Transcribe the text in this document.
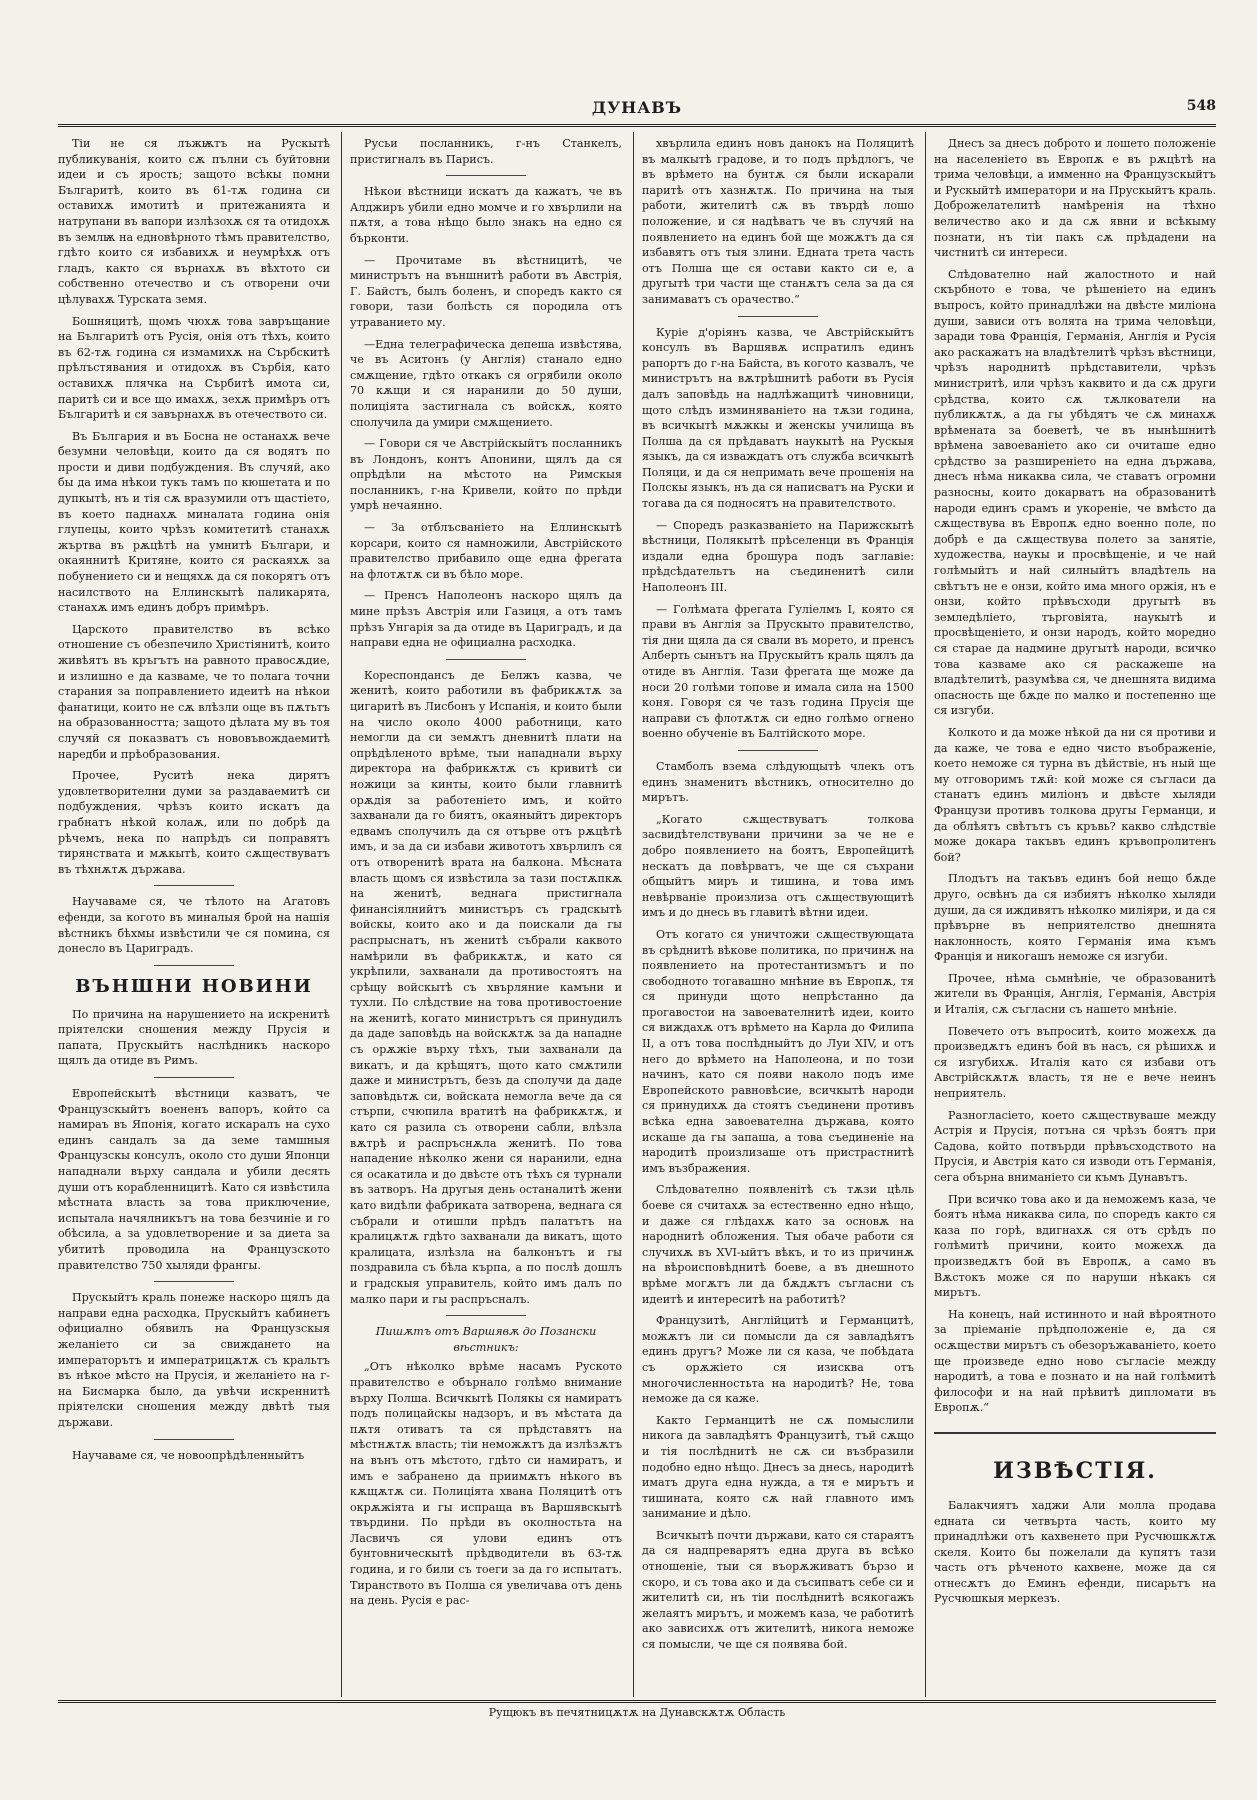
ДУНАВЪ	548

Тiи не ся лъжѭтъ на Рускытѣ публикуванiя, които сѫ пълни съ буйтовни идеи и съ ярость; защото всѣкы помни Българитѣ, които въ 61-тѫ година си оставихѫ имотитѣ и притежанията и натрупани въ вапори излѣзохѫ ся та отидохѫ въ землѭ на едновѣрното тѣмъ правителство, гдѣто които ся избавихѫ и неумрѣхѫ отъ гладъ, както ся върнахѫ въ вѣхтото си собственно отечество и съ отворени очи цѣлувахѫ Турската земя.

Бошняцитѣ, щомъ чюхѫ това завръщание на Българитѣ отъ Русiя, онiя отъ тѣхъ, които въ 62-тѫ година ся измамихѫ на Сърбскитѣ прѣлъстявания и отидохѫ въ Сърбiя, като оставихѫ плячка на Сърбитѣ имота си, паритѣ си и все що имахѫ, зехѫ примѣръ отъ Българитѣ и ся завърнахѫ въ отечеството си.

Въ България и въ Босна не останахѫ вече безумни человѣци, които да ся водятъ по прости и диви подбуждения. Въ случяй, ако бы да има нѣкои тукъ тамъ по кюшетата и по дупкытѣ, нъ и тiя сѫ вразумили отъ щастiето, въ което паднахѫ миналата година онiя глупецы, които чрѣзъ комитетитѣ станахѫ жъртва въ рѫцѣтѣ на умнитѣ Българи, и окаяннитѣ Критяне, които ся раскаяхѫ за побунението си и нещяхѫ да ся покорятъ отъ насилството на Еллинскытѣ паликарята, станахѫ имъ единъ добръ примѣръ.

Царското правителство въ всѣко отношение съ обезпечило Христiянитѣ, които живѣятъ въ кръгътъ на равното правосѫдие, и излишно е да казваме, че то полага точни старания за поправлението идеитѣ на нѣкои фанатици, които не сѫ влѣзли още въ пѫтьтъ на образованността; защото дѣлата му въ тоя случяй ся показватъ съ нововъвождаемитѣ наредби и прѣобразования.

Прочее, Руситѣ нека дирятъ удовлетворителни думи за раздаваемитѣ си подбуждения, чрѣзъ които искатъ да грабнатъ нѣкой колаѫ, или по добрѣ да рѣчемъ, нека по напрѣдъ си поправятъ тирянствата и мѫкытѣ, които сѫществуватъ въ тѣхнѫтѫ държава.

Научаваме ся, че тѣлото на Агатовъ ефенди, за когото въ миналыя брой на нашiя вѣстникъ бѣхмы извѣстили че ся помина, ся донесло въ Цариградъ.

ВЪНШНИ НОВИНИ

По причина на нарушението на искренитѣ прiятелски сношения между Прусiя и папата, Прускыйтъ наслѣдникъ наскоро щялъ да отиде въ Римъ.

Европейскытѣ вѣстници казватъ, че Французскыйтъ воененъ вапоръ, който са намираъ въ Японiя, когато искаралъ на сухо единъ сандалъ за да земе тамшныя Французскы консулъ, около сто души Японци нападнали върху сандала и убили десять души отъ корабленницитѣ. Като ся извѣстила мѣстната власть за това приключение, испытала начялникътъ на това безчинiе и го обѣсила, а за удовлетворение и за диета за убититѣ проводила на Французското правителство 750 хыляди франгы.

Прускыйтъ краль понеже наскоро щялъ да направи една расходка, Прускыйтъ кабинетъ официално обявилъ на Французскыя желанiето си за свиждането на императорътъ и императрицѫтѫ съ кральтъ въ нѣкое мѣсто на Прусiя, и желанiето на г-на Бисмарка было, да увѣчи искреннитѣ прiятелски сношения между двѣтѣ тыя държави.

Научаваме ся, че новоопрѣдѣленныйтъ

Русьи посланникъ, г-нъ Станкелъ, пристигналъ въ Парисъ.

Нѣкои вѣстници искатъ да кажатъ, че въ Алджиръ убили едно момче и го хвърлили на пѫтя, а това нѣщо было знакъ на едно ся бърконти.

— Прочитаме въ вѣстницитѣ, че министрътъ на външнитѣ работи въ Австрiя, Г. Байстъ, былъ боленъ, и споредъ както ся говори, тази болѣсть ся породила отъ утраванието му.

—Една телеграфическа депеша извѣстява, че въ Аситонъ (у Англiя) станало едно смѫщение, гдѣто откакъ ся огрябили около 70 кѫщи и ся наранили до 50 души, полицiята застигнала съ войскѫ, която сполучила да умири смѫщението.

— Говори ся че Австрiйскыйтъ посланникъ въ Лондонъ, контъ Апонини, щялъ да ся опрѣдѣли на мѣстото на Римскыя посланникъ, г-на Кривели, който по прѣди умрѣ нечаянно.

— За отблъсванiето на Еллинскытѣ корсари, които ся намножили, Австрiйското правителство прибавило още една фрегата на флотѫтѫ си въ бѣло море.

— Пренсъ Наполеонъ наскоро щялъ да мине прѣзъ Австрiя или Газиця, а отъ тамъ прѣзъ Унгарiя за да отиде въ Цариградъ, и да направи една не официална расходка.

Кореспондансъ де Белжъ казва, че женитѣ, които работили въ фабрикѫтѫ за цигаритѣ въ Лисбонъ у Испанiя, и които были на число около 4000 работници, като немогли да си земѫтъ дневнитѣ плати на опрѣдѣленото врѣме, тыи нападнали върху директора на фабрикѫтѫ съ кривитѣ си ножици за кинты, които были главнитѣ орѫдiя за работенiето имъ, и който захванали да го биятъ, окаяныйтъ директоръ едвамъ сполучилъ да ся отърве отъ рѫцѣтѣ имъ, и за да си избави живототъ хвърлилъ ся отъ отворенитѣ врата на балкона. Мѣсната власть щомъ ся извѣстила за тази постѫпкѫ на женитѣ, веднага пристигнала финансiялнийтъ министъръ съ градскытѣ войскы, които ако и да поискали да гы распрыснатъ, нъ женитѣ събрали каквото намѣрили въ фабрикѫтѫ, и като ся укрѣпили, захванали да противостоятъ на срѣщу войскытѣ съ хвърляние камъни и тухли. По слѣдствие на това противостоение на женитѣ, когато министрътъ ся принудилъ да даде заповѣдь на войскѫтѫ за да нападне съ орѫжiе върху тѣхъ, тыи захванали да викатъ, и да крѣщятъ, щото като смѫтили даже и министрътъ, безъ да сполучи да даде заповѣдьтѫ си, войската немогла вече да ся стърпи, счюпила вратитѣ на фабрикѫтѫ, и като ся разила съ отворени сабли, влѣзла вѫтрѣ и распръснѫла женитѣ. По това нападение нѣколко жени ся наранили, една ся осакатила и до двѣсте отъ тѣхъ ся турнали въ затворъ. На другыя день останалитѣ жени като видѣли фабриката затворена, веднага ся събрали и отишли прѣдъ палатътъ на кралицѫтѫ гдѣто захванали да викатъ, щото кралицата, излѣзла на балконътъ и гы поздравила съ бѣла кърпа, а по послѣ дошлъ и градскыя управитель, който имъ далъ по малко пари и гы распръсналъ.

Пишѫтъ отъ Варшявѫ до Позански вѣстникъ:

„Отъ нѣколко врѣме насамъ Руското правителство е обърнало голѣмо внимание върху Полша. Всичкытѣ Полякы ся намиратъ подъ полицайскы надзоръ, и въ мѣстата да пѫтя отиватъ та ся прѣдставятъ на мѣстнѫтѫ власть; тiи неможѫтъ да излѣзѫтъ на вънъ отъ мѣстото, гдѣто си намиратъ, и имъ е забранено да приимѫтъ нѣкого въ кѫщѫтѫ си. Полицiята хвана Поляцитѣ отъ окрѫжiята и гы испраща въ Варшявскытѣ твърдини. По прѣди въ околностьта на Ласвичъ ся улови единъ отъ бунтовническытѣ прѣдводители въ 63-тѫ година, и го били съ тоеги за да го испытатъ. Тиранството въ Полша ся увеличава отъ день на день. Русiя е рас-

хвърлила единъ новъ данокъ на Поляцитѣ въ малкытѣ градове, и то подъ прѣдлогъ, че въ врѣмето на бунтѫ ся были искарали паритѣ отъ хазнѫтѫ. По причина на тыя работи, жителитѣ сѫ въ твърдѣ лошо положение, и ся надѣватъ че въ случяй на появлението на единъ бой ще можѫтъ да ся избавятъ отъ тыя злини. Едната трета часть отъ Полша ще ся остави както си е, а другытѣ три части ще станѫтъ села за да ся занимаватъ съ орачество.“

Курiе д'орiянъ казва, че Австрiйскыйтъ консулъ въ Варшявѫ испратилъ единъ рапортъ до г-на Байста, въ когото казвалъ, че министрътъ на вѫтрѣшнитѣ работи въ Русiя далъ заповѣдь на надлѣжащитѣ чиновници, щото слѣдъ изминяванiето на тѫзи година, въ всичкытѣ мѫжкы и женскы училища въ Полша да ся прѣдаватъ наукытѣ на Рускыя языкъ, да ся изваждатъ отъ служба всичкытѣ Поляци, и да ся непримать вече прошенiя на Полскы языкъ, нъ да ся написватъ на Руски и тогава да ся подносятъ на правителството.

— Споредъ разказванiето на Парижскытѣ вѣстници, Полякытѣ прѣселенци въ Францiя издали една брошура подъ заглавiе: прѣдсѣдательтъ на съединенитѣ сили Наполеонъ III.

— Голѣмата фрегата Гулiелмъ I, която ся прави въ Англiя за Прускыто правителство, тiя дни щяла да ся свали въ морето, и пренсъ Алберть сынътъ на Прускыйтъ краль щялъ да отиде въ Англiя. Тази фрегата ще може да носи 20 голѣми топове и имала сила на 1500 коня. Говоря ся че тазъ година Прусiя ще направи съ флотѫтѫ си едно голѣмо огнено военно обученiе въ Балтiйското море.

Стамболъ взема слѣдующытѣ члекъ отъ единъ знаменитъ вѣстникъ, относително до мирътъ.

„Когато сѫществуватъ толкова засвидѣтелствувани причини за че не е добро появлението на боятъ, Европейцитѣ нескатъ да повѣрватъ, че ще ся съхрани общыйтъ миръ и тишина, и това имъ невѣрванiе произлиза отъ сѫществующитѣ имъ и до днесь въ главитѣ вѣтни идеи.

Отъ когато ся уничтожи сѫществующата въ срѣднитѣ вѣкове политика, по причинѫ на появлението на протестантизмътъ и по свободното тогавашно мнѣние въ Европѫ, тя ся принуди щото непрѣстанно да прогавостои на завоевателнитѣ идеи, които ся виждахѫ отъ врѣмето на Карла до Филипа II, а отъ това послѣдныйтъ до Луи XIV, и отъ него до врѣмето на Наполеона, и по този начинъ, като ся появи наколо подъ име Европейското равновѣсие, всичкытѣ народи ся принудихѫ да стоятъ съединени противъ всѣка една завоевателна държава, която искаше да гы запаша, а това съединенiе на народитѣ произлизаше отъ пристрастнитѣ имъ възбражения.

Слѣдователно появленiтѣ съ тѫзи цѣль боеве ся считахѫ за естественно едно нѣщо, и даже ся глѣдахѫ като за основѫ на народнитѣ обложения. Тыя обаче работи ся случихѫ въ XVI-ыйтъ вѣкъ, и то из причинѫ на вѣроисповѣднитѣ боеве, а въ днешното врѣме могѫтъ ли да бѫдѫтъ съгласни съ идеитѣ и интереситѣ на работитѣ?

Французитѣ, Англiйцитѣ и Германцитѣ, можѫтъ ли си помысли да ся завладѣятъ единъ другъ? Може ли ся каза, че побѣдата съ орѫжiето ся изисква отъ многочисленностьта на народитѣ? Не, това неможе да ся каже.

Както Германцитѣ не сѫ помыслили никога да завладѣятъ Французитѣ, тъй сѫщо и тiя послѣднитѣ не сѫ си възбразили подобно едно нѣщо. Днесъ за днесь, народитѣ иматъ друга една нужда, а тя е мирътъ и тишината, която сѫ най главното имъ занимание и дѣло.

Всичкытѣ почти държави, като ся стараятъ да ся надпреварятъ една друга въ всѣко отношенiе, тыи ся въорѫживатъ бързо и скоро, и съ това ако и да съсипватъ себе си и жителитѣ си, нъ тiи послѣднитѣ всякогажъ желаятъ мирътъ, и можемъ каза, че работитѣ ако зависихѫ отъ жителитѣ, никога неможе ся помысли, че ще ся появява бой.

Днесъ за днесъ доброто и лошето положенiе на населенiето въ Европѫ е въ рѫцѣтѣ на трима человѣци, а имменно на Французскыйтъ и Рускыйтѣ императори и на Прускыйтъ краль. Доброжелателитѣ намѣренiя на тѣхно величество ако и да сѫ явни и всѣкыму познати, нъ тiи пакъ сѫ прѣдадени на чистнитѣ си интереси.

Слѣдователно най жалостното и най скърбното е това, че рѣшенiето на единъ въпросъ, който принадлѣжи на двѣсте милiона души, зависи отъ волята на трима человѣци, заради това Францiя, Германiя, Англiя и Русiя ако раскажатъ на владѣтелитѣ чрѣзъ вѣстници, чрѣзъ народнитѣ прѣдставители, чрѣзъ министритѣ, или чрѣзъ каквито и да сѫ други срѣдства, които сѫ тѫлкователи на публикѫтѫ, а да гы убѣдятъ че сѫ минахѫ врѣмената за боеветѣ, че въ нынѣшнитѣ врѣмена завоеванiето ако си очиташе едно срѣдство за разширенiето на една държава, днесъ нѣма никаква сила, че ставатъ огромни разносны, които докарватъ на образованитѣ народи единъ срамъ и укоренiе, че вмѣсто да сѫществува въ Европѫ едно военно поле, по добрѣ е да сѫществува полето за занятiе, художества, наукы и просвѣщенiе, и че най голѣмыйтъ и най силныйтъ владѣтель на свѣтътъ не е онзи, който има много оржiя, нъ е онзи, който прѣвъсходи другытѣ въ земледѣлiето, търговiята, наукытѣ и просвѣщенiето, и онзи народъ, който моредно ся старае да надмине другытѣ народи, всичко това казваме ако ся раскажеше на владѣтелитѣ, разумѣва ся, че днешнята видима опасность ще бѫде по малко и постепенно ще ся изгуби.

Колкото и да може нѣкой да ни ся противи и да каже, че това е едно чисто въображенiе, което неможе ся турна въ дѣйствiе, нъ ный ще му отговоримъ тѫй: кой може ся съгласи да станатъ единъ милiонъ и двѣсте хыляди Французи противъ толкова другы Германци, и да облѣятъ свѣтътъ съ кръвь? какво слѣдствiе може докара такъвъ единъ кръвопролитенъ бой?

Плодътъ на такъвъ единъ бой нещо бѫде друго, освѣнъ да ся избиятъ нѣколко хыляди души, да ся иждивятъ нѣколко милiяри, и да ся прѣвърне въ неприятелство днешнята наклонность, която Германiя има къмъ Францiя и никогашъ неможе ся изгуби.

Прочее, нѣма сьмнѣнiе, че образованитѣ жители въ Францiя, Англiя, Германiя, Австрiя и Италiя, сѫ съгласни съ нашето мнѣнiе.

Повечето отъ въпроситѣ, които можехѫ да произведѫтъ единъ бой въ насъ, ся рѣшихѫ и ся изгубихѫ. Италiя като ся избави отъ Австрiйскѫтѫ власть, тя не е вече неинъ неприятель.

Разногласiето, което сѫществуваше между Астрiя и Прусiя, потъна ся чрѣзъ боятъ при Садова, който потвърди прѣвъсходството на Прусiя, и Австрiя като ся изводи отъ Германiя, сега обърна вниманiето си къмъ Дунавътъ.

При всичко това ако и да неможемъ каза, че боятъ нѣма никаква сила, по споредъ както ся каза по горѣ, вдигнахѫ ся отъ срѣдъ по голѣмитѣ причини, които можехѫ да произведѫтъ бой въ Европѫ, а само въ Вѫстокъ може ся по наруши нѣкакъ ся мирътъ.

На конецъ, най истинното и най вѣроятното за прiеманiе прѣдположенiе е, да ся осѫществи мирътъ съ обезоръжаванiето, което ще произведе едно ново съгласiе между народитѣ, а това е познато и на най голѣмитѣ философи и на най прѣвитѣ дипломати въ Европѫ.“

ИЗВѢСТIЯ.

Балакчиятъ хаджи Али молла продава едната си четвърта часть, които му принадлѣжи отъ кахвенето при Русчюшкѫтѫ скеля. Които бы пожелали да купятъ тази часть отъ рѣченото кахвене, може да ся отнесѫтъ до Еминъ ефенди, писарьтъ на Русчюшкыя меркезъ.

Рущюкъ въ печятницѫтѫ на Дунавскѫтѫ Область
